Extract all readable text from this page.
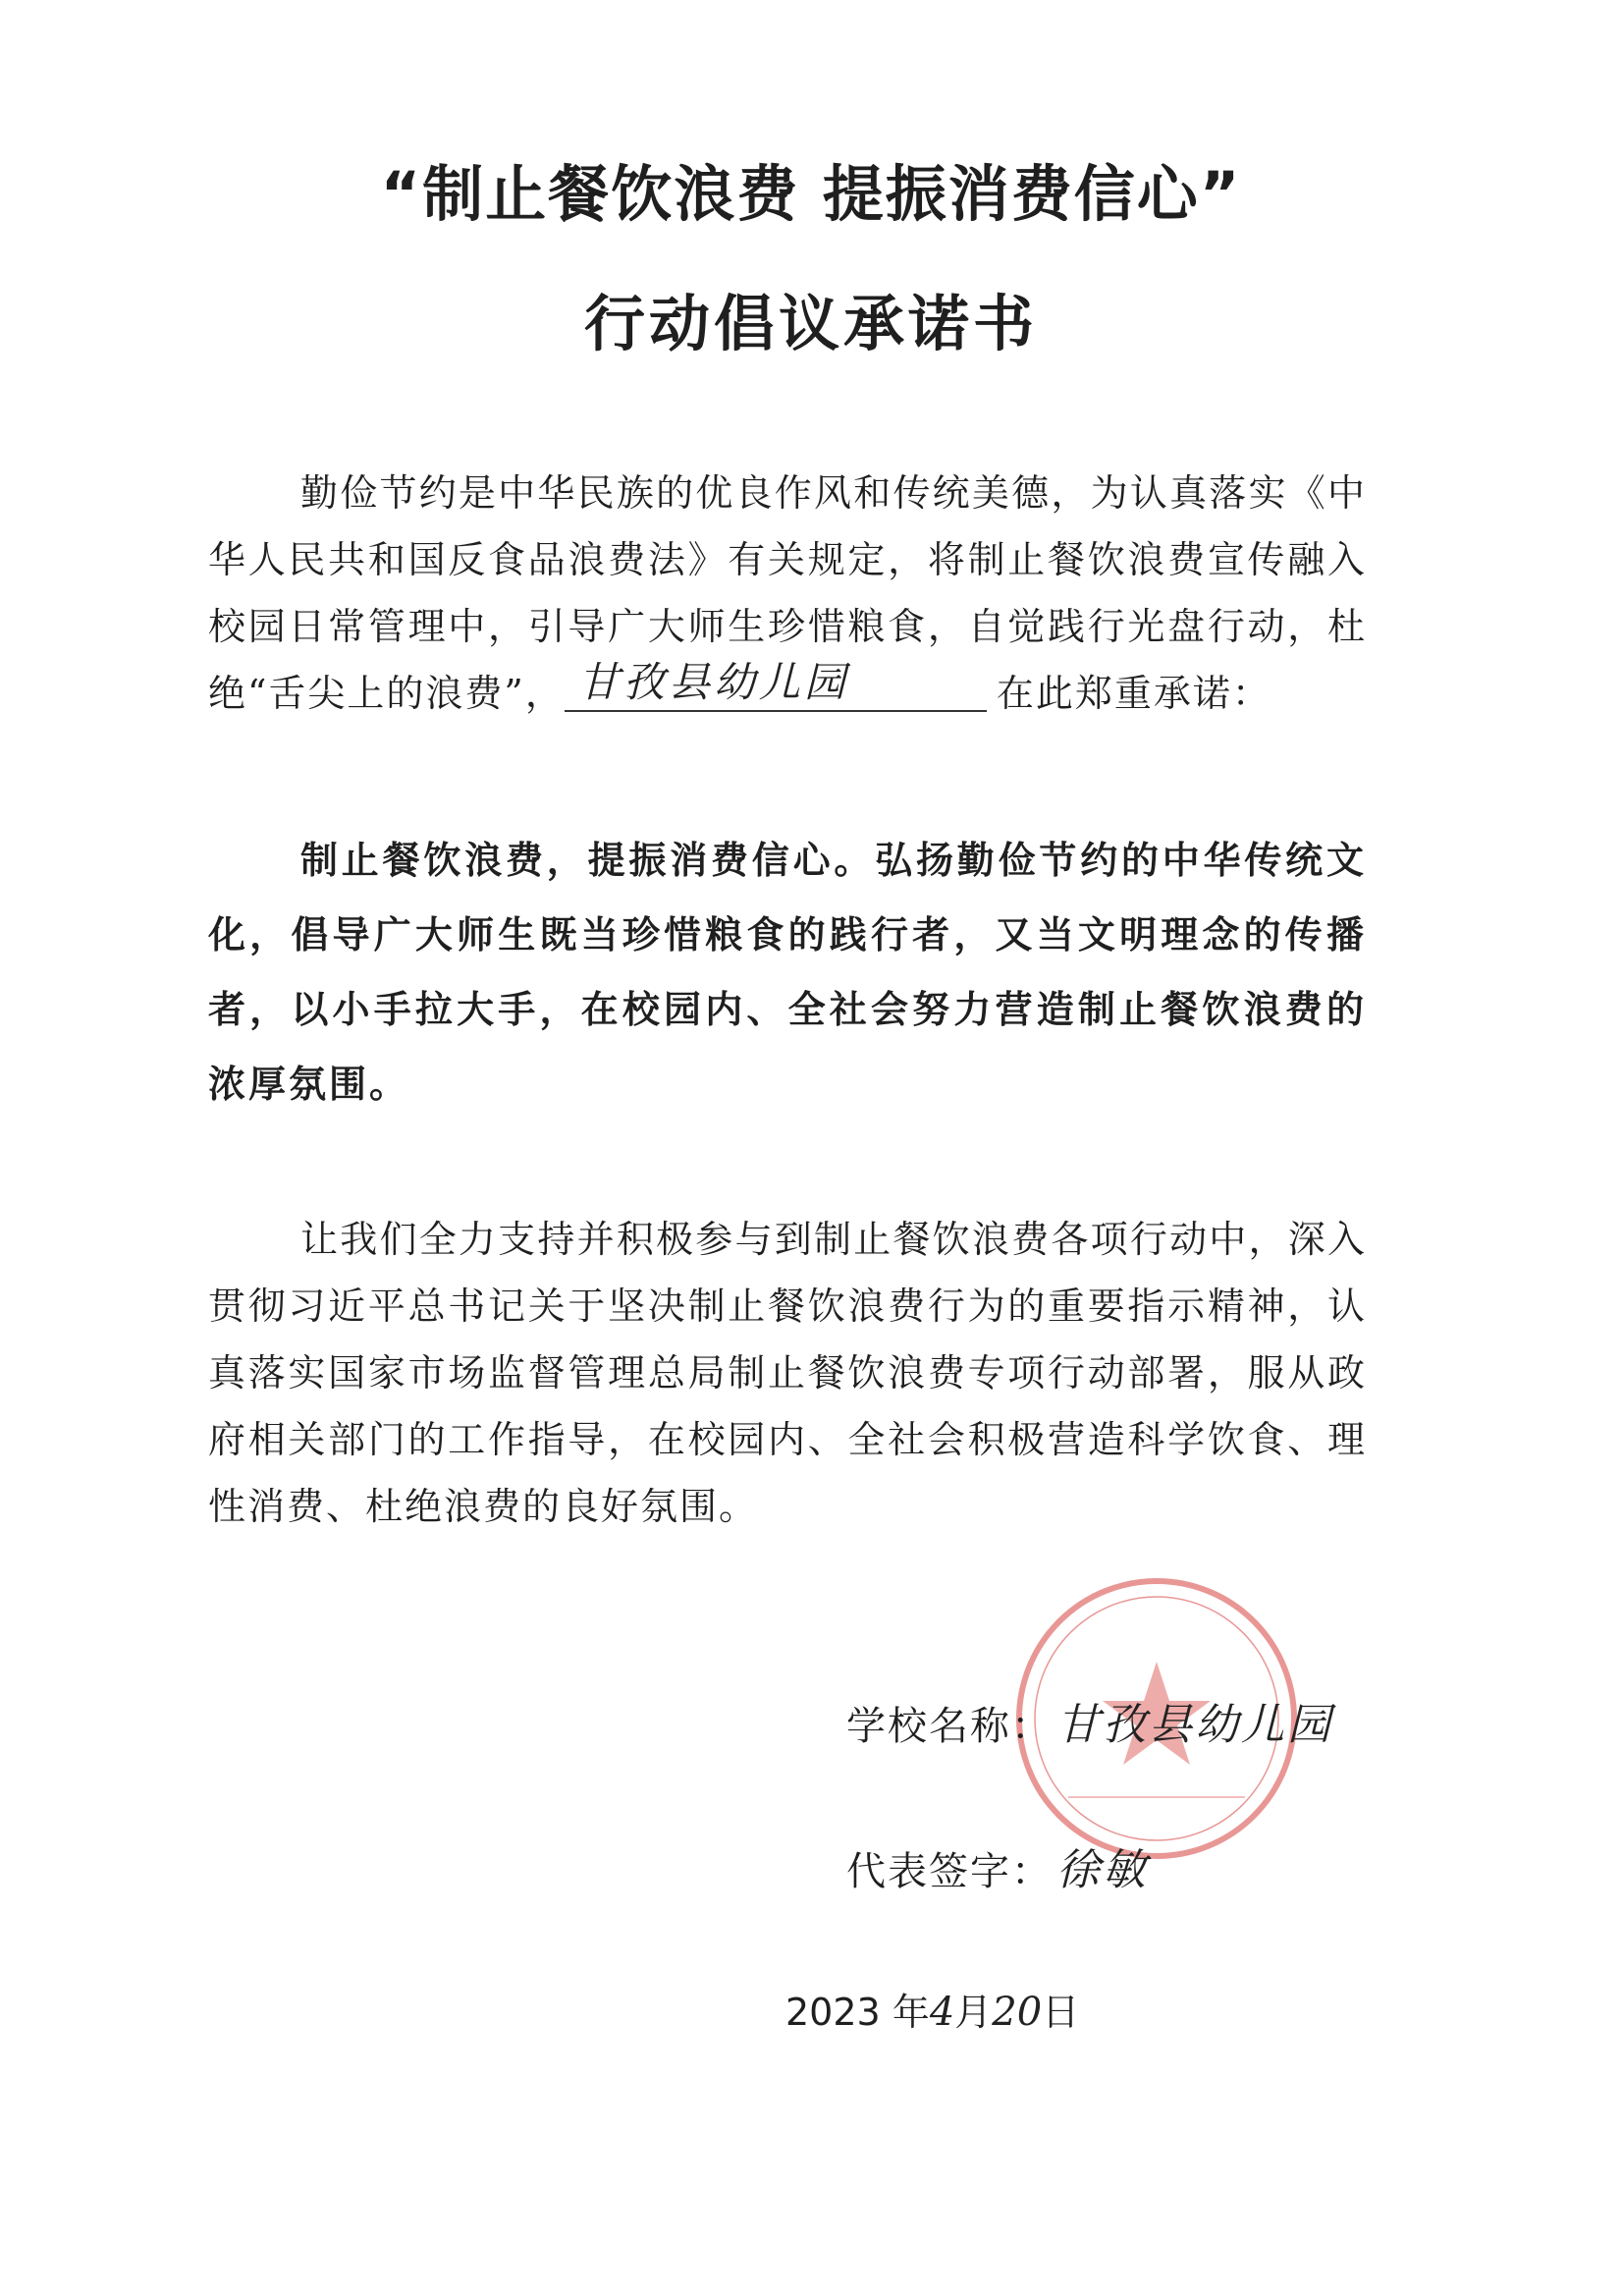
“制止餐饮浪费 提振消费信心”
行动倡议承诺书
勤俭节约是中华民族的优良作风和传统美德，为认真落实《中华人民共和国反食品浪费法》有关规定，将制止餐饮浪费宣传融入校园日常管理中，引导广大师生珍惜粮食，自觉践行光盘行动，杜绝“舌尖上的浪费”， 甘孜县幼儿园	在此郑重承诺：
制止餐饮浪费，提振消费信心。弘扬勤俭节约的中华传统文化，倡导广大师生既当珍惜粮食的践行者，又当文明理念的传播者，以小手拉大手，在校园内、全社会努力营造制止餐饮浪费的浓厚氛围。
让我们全力支持并积极参与到制止餐饮浪费各项行动中，深入贯彻习近平总书记关于坚决制止餐饮浪费行为的重要指示精神，认真落实国家市场监督管理总局制止餐饮浪费专项行动部署，服从政府相关部门的工作指导，在校园内、全社会积极营造科学饮食、理性消费、杜绝浪费的良好氛围。
学校名称：甘孜县幼儿园
代表签字：徐敏
2023 年4月20日
